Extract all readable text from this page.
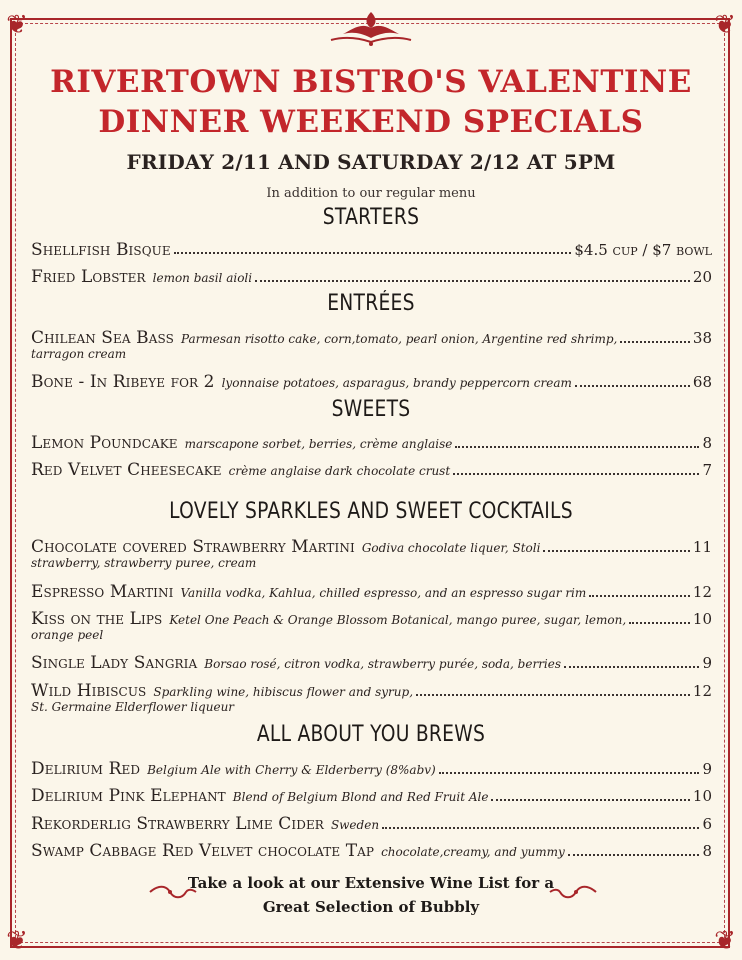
❦	❦
❦	❦
RIVERTOWN BISTRO'S VALENTINE
DINNER WEEKEND SPECIALS
FRIDAY 2/11 AND SATURDAY 2/12 AT 5PM
In addition to our regular menu
STARTERS
Shellfish Bisque	$4.5 cup / $7 bowl
Fried Lobster lemon basil aioli	20
ENTRÉES
Chilean Sea Bass Parmesan risotto cake, corn,tomato, pearl onion, Argentine red shrimp,	38
tarragon cream
Bone - In Ribeye for 2 lyonnaise potatoes, asparagus, brandy peppercorn cream	68
SWEETS
Lemon Poundcake marscapone sorbet, berries, crème anglaise	8
Red Velvet Cheesecake crème anglaise dark chocolate crust	7
LOVELY SPARKLES AND SWEET COCKTAILS
Chocolate covered Strawberry Martini Godiva chocolate liquer, Stoli	11
strawberry, strawberry puree, cream
Espresso Martini Vanilla vodka, Kahlua, chilled espresso, and an espresso sugar rim	12
Kiss on the Lips Ketel One Peach & Orange Blossom Botanical, mango puree, sugar, lemon,	10
orange peel
Single Lady Sangria Borsao rosé, citron vodka, strawberry purée, soda, berries	9
Wild Hibiscus Sparkling wine, hibiscus flower and syrup,	12
St. Germaine Elderflower liqueur
ALL ABOUT YOU BREWS
Delirium Red Belgium Ale with Cherry & Elderberry (8%abv)	9
Delirium Pink Elephant Blend of Belgium Blond and Red Fruit Ale	10
Rekorderlig Strawberry Lime Cider Sweden	6
Swamp Cabbage Red Velvet chocolate Tap chocolate,creamy, and yummy	8
Take a look at our Extensive Wine List for a
Great Selection of Bubbly
